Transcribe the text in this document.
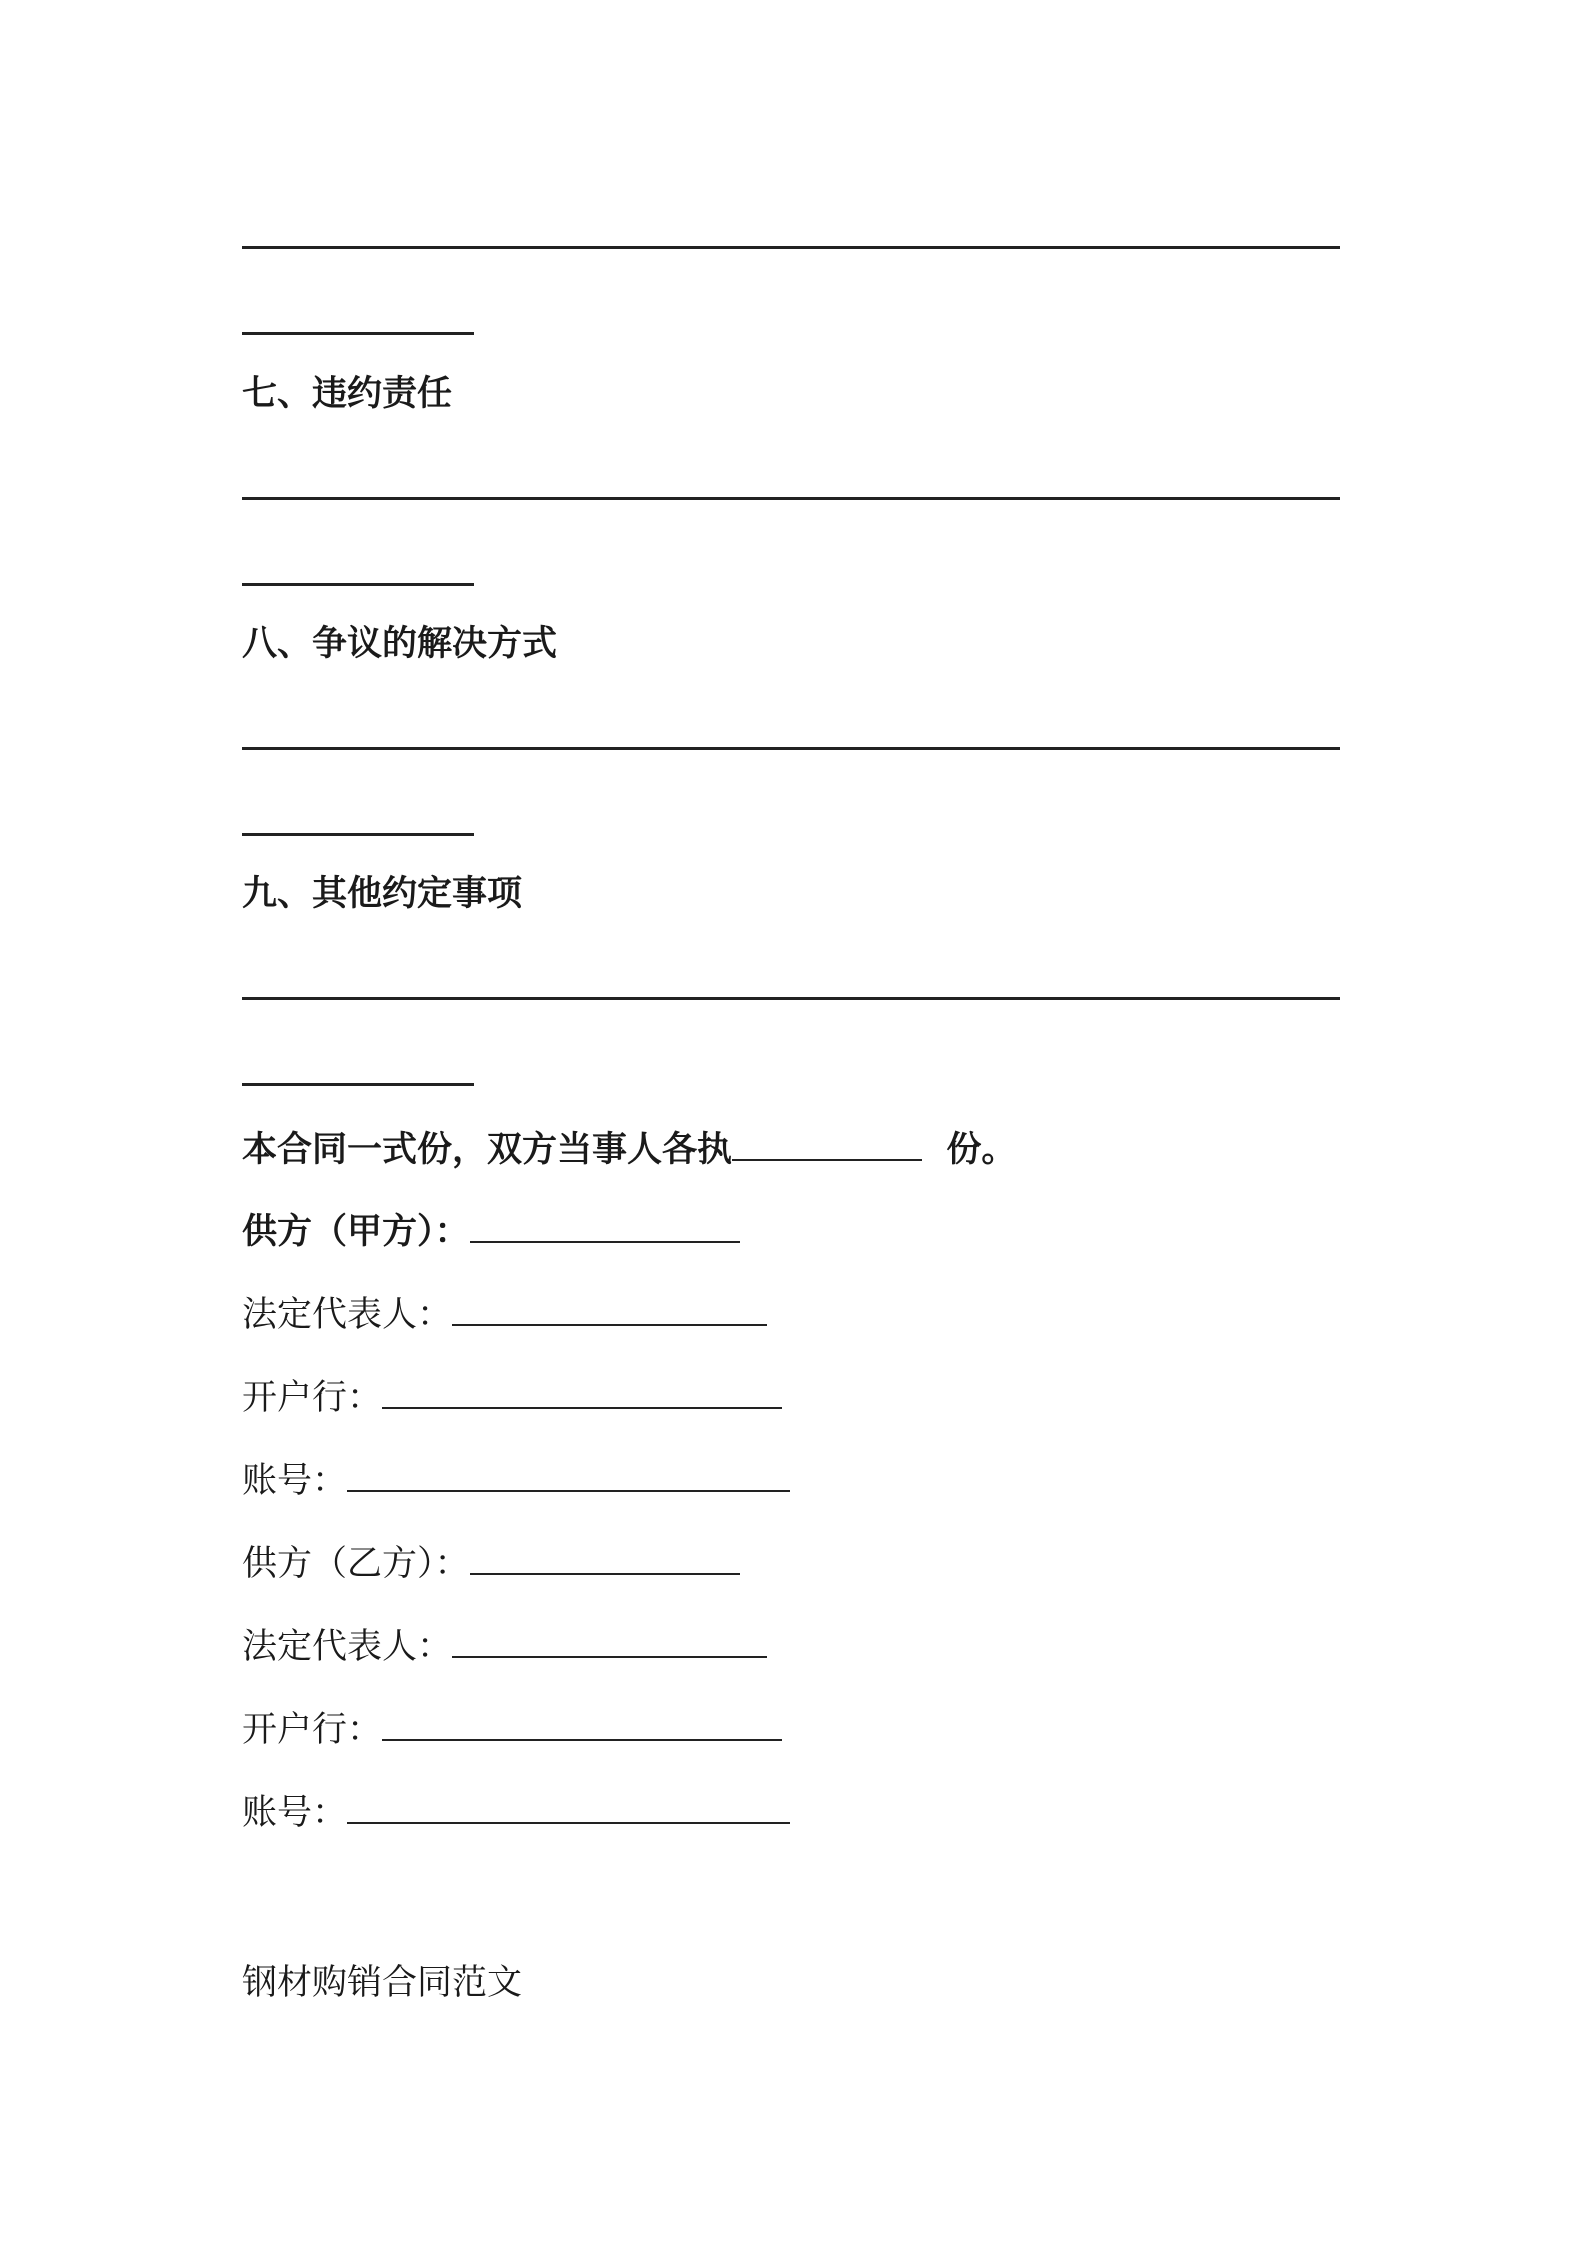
七、违约责任
八、争议的解决方式
九、其他约定事项
本合同一式份，双方当事人各执	份。
供方（甲方）：
法定代表人：
开户行：
账号：
供方（乙方）：
法定代表人：
开户行：
账号：
钢材购销合同范文
